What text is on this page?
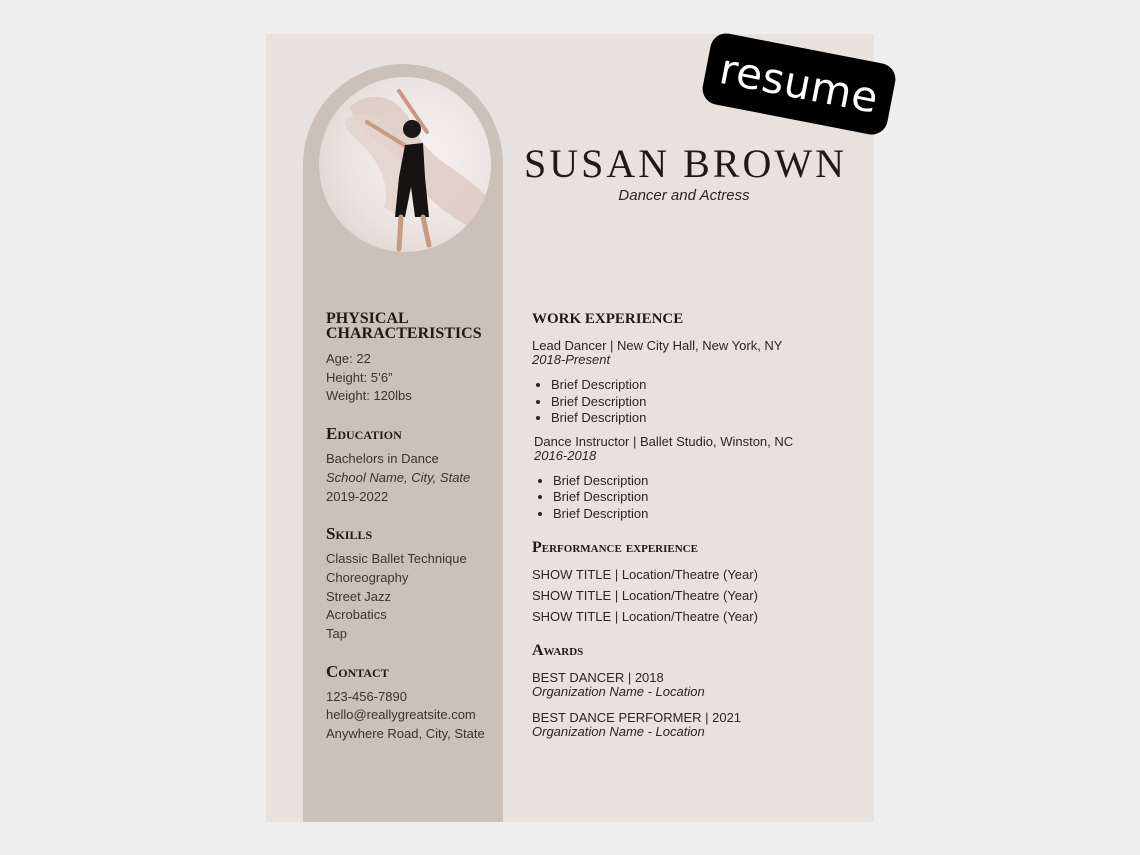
SUSAN BROWN
Dancer and Actress
PHYSICAL CHARACTERISTICS
Age: 22
Height: 5’6”
Weight: 120lbs
Education
Bachelors in Dance
School Name, City, State
2019-2022
Skills
Classic Ballet Technique
Choreography
Street Jazz
Acrobatics
Tap
Contact
123-456-7890
hello@reallygreatsite.com
Anywhere Road, City, State
WORK EXPERIENCE
Lead Dancer | New City Hall, New York, NY
2018-Present
• Brief Description
• Brief Description
• Brief Description
Dance Instructor | Ballet Studio, Winston, NC
2016-2018
• Brief Description
• Brief Description
• Brief Description
Performance experience
SHOW TITLE | Location/Theatre (Year)
SHOW TITLE | Location/Theatre (Year)
SHOW TITLE | Location/Theatre (Year)
Awards
BEST DANCER | 2018
Organization Name - Location
BEST DANCE PERFORMER | 2021
Organization Name - Location
resume
